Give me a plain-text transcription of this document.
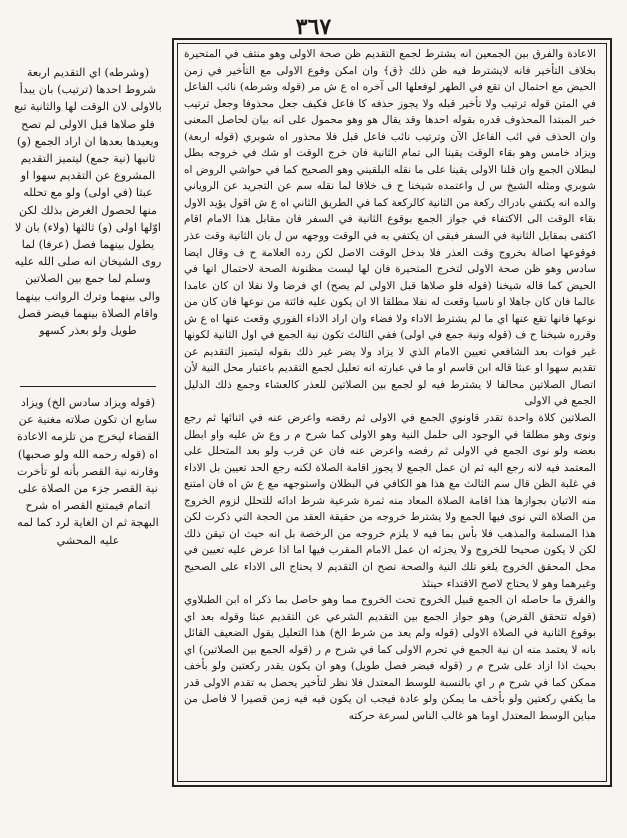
٣٦٧

الاعادة والفرق بين الجمعين انه يشترط لجمع التقديم ظن صحة الاولى وهو منتف في المتحيرة بخلاف التأخير فانه لايشترط فيه ظن ذلك ﴿ق﴾ وان امكن وقوع الاولى مع التأخير في زمن الحيض مع احتمال ان تقع في الطهر لوفعلها الى آخره اه ع ش مر (قوله وشرطه) نائب الفاعل في المتن قوله ترتيب ولا تأخير قبله ولا يجوز حذفه كا فاعل فكيف جعل محذوفا وجعل ترتيب خبر المبتدا المحذوف قدره بقوله احدها وقد يقال هو وهو محمول على انه بيان لحاصل المعنى وان الحذف في ائب الفاعل الآن وترتيب نائب فاعل قبل فلا محذور اه شوبري (قوله اربعة) ويزاد خامس وهو بقاء الوقت يقينا الى تمام الثانية فان خرج الوقت او شك في خروجه بطل لبطلان الجمع وان قلنا الاولى يقينا على ما نقله البلقيني وهو الصحيح كما في حواشي الروض اه شوبري ومثله الشيخ س ل واعتمده شيخنا ح ف خلافا لما نقله سم عن التجريد عن الروياني والده انه يكتفي بادراك ركعة من الثانية كالركعة كما في الطريق الثاني اه ع ش اقول يؤيد الاول بقاء الوقت الى الاكتفاء في جواز الجمع بوقوع الثانية في السفر فان مقابل هذا الامام اقام اكتفى بمقابل الثانية في السفر فبقى ان يكتفي به في الوقت ووجهه س ل بان الثانية وقت عذر فوقوعها اصالة بخروج وقت العذر فلا بدخل الوقت الاصل لكن رده العلامة ح ف وقال ايضا سادس وهو ظن صحة الاولى لتخرج المتحيرة فان لها ليست مظنونة الصحة لاحتمال انها في الحيض كما قاله شيخنا (قوله فلو صلاها قبل الاولى لم يصح) اي فرضا ولا نفلا ان كان عامدا عالما فان كان جاهلا او ناسيا وقعت له نفلا مطلقا الا ان يكون عليه فائتة من نوعها فان كان من نوعها فانها تقع عنها اي ما لم يشترط الاداء ولا فضاء وان اراد الاداء الفوري وقعت عنها اه ع ش وقرره شيخنا ح ف (قوله ونية جمع في اولى) ففي الثالث تكون نية الجمع في اول الثانية لكونها غير فوات بعد الشافعي تعيين الامام الذي لا يزاد ولا يضر غير ذلك بقوله ليتميز التقديم عن تقديم سهوا او عبثا قاله ابن قاسم او ما في عبارته انه تعليل لجمع التقديم باعتبار محل النية لأن اتصال الصلاتين محالفا لا يشترط فيه لو لجمع بين الصلاتين للعذر كالعشاء وجمع ذلك الدليل الجمع في الاولى

الصلاتين كلاة واحدة تقدر قاونوي الجمع في الاولى ثم رفضه واعرض عنه في اثنائها ثم رجع ونوى وهو مطلقا في الوجود الى حلمل النية وهو الاولى كما شرح م ر وع ش عليه واو ابطل بعضه ولو نوى الجمع في الاولى ثم رفضه واعرض عنه فان عن قرب ولو بعد المتحلل على المعتمد فيه لانه رجع اليه ثم ان عمل الجمع لا يجوز اقامة الصلاة لكنه رجع الحد تعيين بل الاداء في غلبة الظن قال سم الثالث مع هذا هو الكافي في البطلان واستوجهه مع ع ش اه فان امتنع منه الاتيان بجوازها هذا اقامة الصلاة المعاد منه ثمرة شرعية شرط ادائه للتحلل لزوم الخروج من الصلاة التي نوى فيها الجمع ولا يشترط خروجه من حقيقة العقد من الحجة التي ذكرت لكن هذا المسلمة والمذهب فلا بأس بما فيه لا يلزم خروجه من الرخصة بل انه حيث ان تيقن ذلك لكن لا يكون صحيحا للخروج ولا يجزئه ان عمل الامام المقرب فيها اما اذا عرض عليه تعيين في محل المحقق الخروج يلغو تلك النية والصحة تصح ان التقديم لا يحتاج الى الاداء على الصحيح وغيرهما وهو لا يحتاج لاصح الاقتداء حينئذ

والفرق ما حاصله ان الجمع قبيل الخروج تحت الخروج مما وهو حاصل بما ذكر اه ابن الطبلاوي (قوله تتحقق القرض) وهو جواز الجمع بين التقديم الشرعي عن التقديم عبثا وقوله بعد اي بوقوع الثانية في الصلاة الاولى (قوله ولم يعد من شرط الخ) هذا التعليل يقول الضعيف القائل بانه لا يعتمد منه ان نية الجمع في تحرم الاولى كما في شرح م ر (قوله الجمع بين الصلاتين) اي بحيث اذا ازاد على شرح م ر (قوله فيضر فصل طويل) وهو ان يكون يقدر ركعتين ولو بأخف ممكن كما في شرح م ر اي بالنسبة للوسط المعتدل فلا نظر لتأخير يحصل به تقدم الاولى قدر ما يكفي ركعتين ولو بأخف ما يمكن ولو عادة فيجب ان يكون فيه فيه زمن قصيرا لا فاصل من مباين الوسط المعتدل اوما هو غالب الناس لسرعة حركته

(وشرطه) اي التقديم اربعة شروط احدها (ترتيب) بان يبدأ بالاولى لان الوقت لها والثانية تبع فلو صلاها قبل الاولى لم تصح ويعيدها بعدها ان اراد الجمع (و) ثانيها (نية جمع) ليتميز التقديم المشروع عن التقديم سهوا او عبثا (في اولى) ولو مع تحلله منها لحصول الغرض بذلك لكن اوّلها اولى (و) ثالثها (ولاء) بان لا يطول بينهما فصل (عرفا) لما روى الشيخان انه صلى الله عليه وسلم لما جمع بين الصلاتين والى بينهما وترك الرواتب بينهما واقام الصلاة بينهما فيضر فصل طويل ولو بعذر كسهو

(قوله ويزاد سادس الخ) ويزاد سابع ان تكون صلاته مغنية عن القضاء ليخرج من تلزمه الاعادة اه (قوله رحمه الله ولو صحبها) وقارنه نية القصر بأنه لو تأخرت نية القصر جزء من الصلاة على اتمام فيمتنع القصر اه شرح البهجة ثم ان الغاية لرد كما لمه عليه المحشي
